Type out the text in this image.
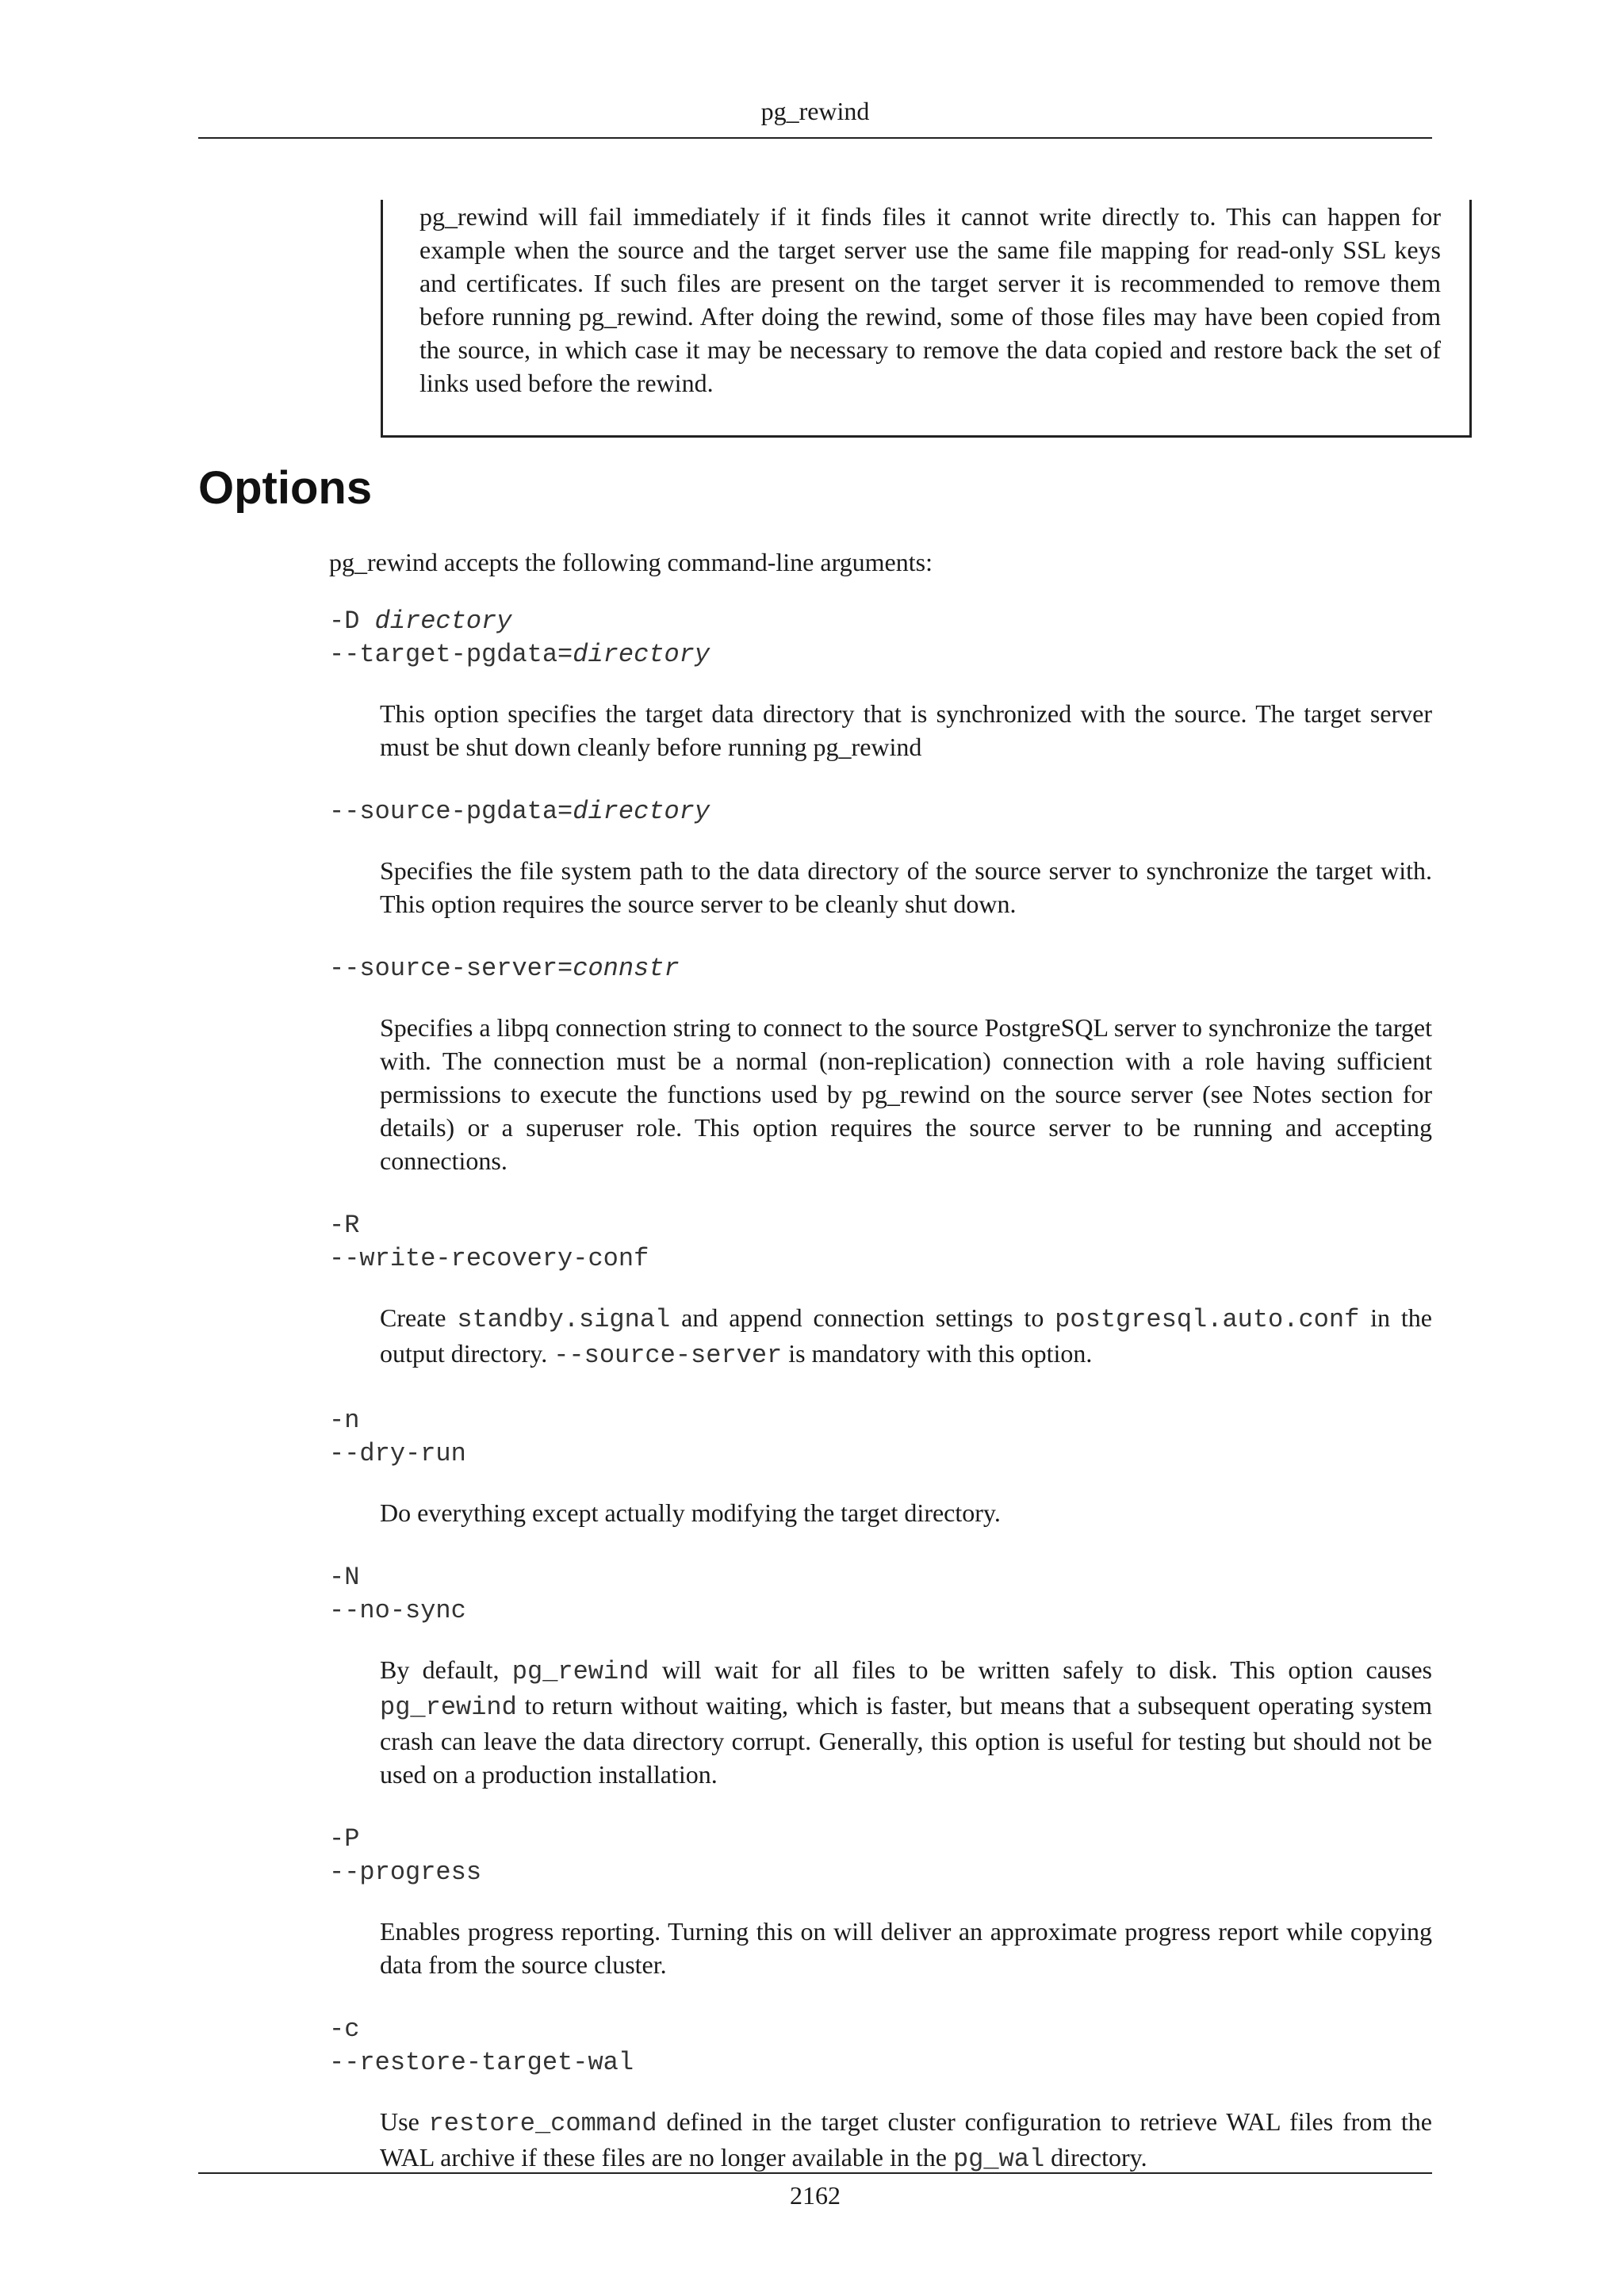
pg_rewind

pg_rewind will fail immediately if it finds files it cannot write directly to. This can happen for example when the source and the target server use the same file mapping for read-only SSL keys and certificates. If such files are present on the target server it is recommended to remove them before running pg_rewind. After doing the rewind, some of those files may have been copied from the source, in which case it may be necessary to remove the data copied and restore back the set of links used before the rewind.

Options

pg_rewind accepts the following command-line arguments:

-D directory

--target-pgdata=directory

This option specifies the target data directory that is synchronized with the source. The target server must be shut down cleanly before running pg_rewind

--source-pgdata=directory

Specifies the file system path to the data directory of the source server to synchronize the target with. This option requires the source server to be cleanly shut down.

--source-server=connstr

Specifies a libpq connection string to connect to the source PostgreSQL server to synchronize the target with. The connection must be a normal (non-replication) connection with a role having sufficient permissions to execute the functions used by pg_rewind on the source server (see Notes section for details) or a superuser role. This option requires the source server to be running and accepting connections.

-R

--write-recovery-conf

Create standby.signal and append connection settings to postgresql.auto.conf in the output directory. --source-server is mandatory with this option.

-n

--dry-run

Do everything except actually modifying the target directory.

-N

--no-sync

By default, pg_rewind will wait for all files to be written safely to disk. This option causes pg_rewind to return without waiting, which is faster, but means that a subsequent operating system crash can leave the data directory corrupt. Generally, this option is useful for testing but should not be used on a production installation.

-P

--progress

Enables progress reporting. Turning this on will deliver an approximate progress report while copying data from the source cluster.

-c

--restore-target-wal

Use restore_command defined in the target cluster configuration to retrieve WAL files from the WAL archive if these files are no longer available in the pg_wal directory.

2162
